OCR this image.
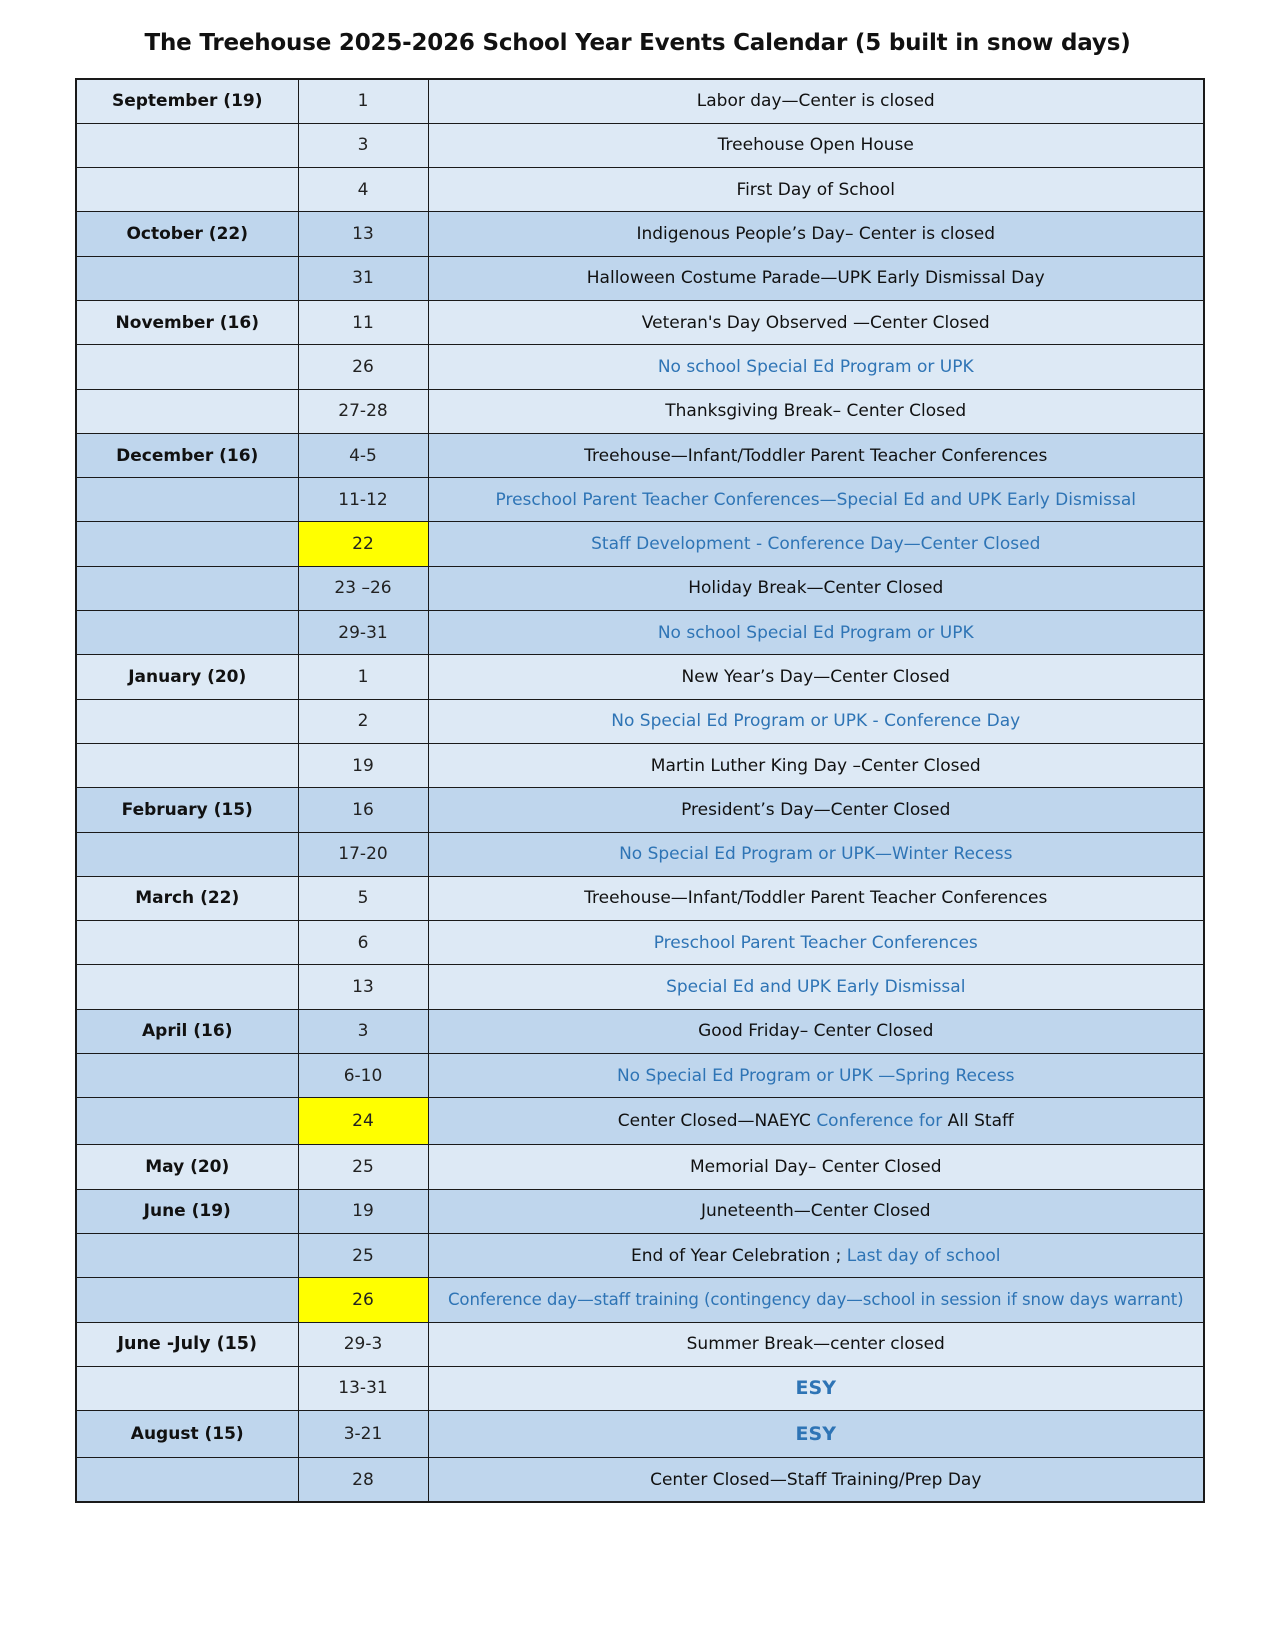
The Treehouse 2025-2026 School Year Events Calendar (5 built in snow days)
September (19)	1	Labor day—Center is closed
	3	Treehouse Open House
	4	First Day of School
October (22)	13	Indigenous People’s Day– Center is closed
	31	Halloween Costume Parade—UPK Early Dismissal Day
November (16)	11	Veteran's Day Observed —Center Closed
	26	No school Special Ed Program or UPK
	27-28	Thanksgiving Break– Center Closed
December (16)	4-5	Treehouse—Infant/Toddler Parent Teacher Conferences
	11-12	Preschool Parent Teacher Conferences—Special Ed and UPK Early Dismissal
	22	Staff Development - Conference Day—Center Closed
	23 –26	Holiday Break—Center Closed
	29-31	No school Special Ed Program or UPK
January (20)	1	New Year’s Day—Center Closed
	2	No Special Ed Program or UPK - Conference Day
	19	Martin Luther King Day –Center Closed
February (15)	16	President’s Day—Center Closed
	17-20	No Special Ed Program or UPK—Winter Recess
March (22)	5	Treehouse—Infant/Toddler Parent Teacher Conferences
	6	Preschool Parent Teacher Conferences
	13	Special Ed and UPK Early Dismissal
April (16)	3	Good Friday– Center Closed
	6-10	No Special Ed Program or UPK —Spring Recess
	24	Center Closed—NAEYC Conference for All Staff
May (20)	25	Memorial Day– Center Closed
June (19)	19	Juneteenth—Center Closed
	25	End of Year Celebration ; Last day of school
	26	Conference day—staff training (contingency day—school in session if snow days warrant)
June -July (15)	29-3	Summer Break—center closed
	13-31	ESY
August (15)	3-21	ESY
	28	Center Closed—Staff Training/Prep Day
